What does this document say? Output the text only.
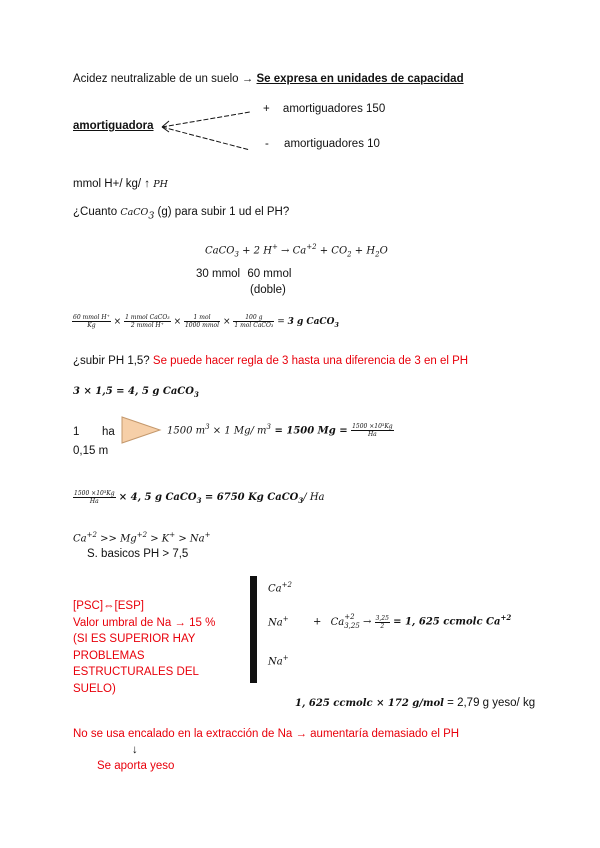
Acidez neutralizable de un suelo → Se expresa en unidades de capacidad
amortiguadora
+ amortiguadores 150
- amortiguadores 10
mmol H+/ kg/ ↑ PH
¿Cuanto CaCO$_3$ (g) para subir 1 ud el PH?
CaCO$_3$ + 2 $H^+ \to Ca^{+2} + CO_2 + H_2O$
30 mmol 60 mmol
(doble)
$\frac{\text{60 mmol H⁺}}{Kg} \times \frac{\text{1 mmol CaCO₃}}{\text{2 mmol H⁺}} \times \frac{\text{1 mol}}{\text{1000 mmol}} \times \frac{100 g}{\text{1 mol CaCO₃}} = 3$ g CaCO$_3$
¿subir PH 1,5? Se puede hacer regla de 3 hasta una diferencia de 3 en el PH
3 × 1,5 = 4, 5 g CaCO$_3$
1 ha	1500 $m^3 \times 1$ Mg/ $m^3 = 1500$ $Mg = \frac{\text{1500 ×10³Kg}}{Ha}$
0,15 m
$\frac{\text{1500 ×10³Kg}}{Ha} \times 4$, 5 g CaCO$_3$ = 6750 Kg CaCO$_3$/ Ha
$Ca^{+2} >> Mg^{+2} > K^+ > Na^+$
S. basicos PH > 7,5
[PSC]⇔[ESP]
Valor umbral de Na → 15 %
(SI ES SUPERIOR HAY
PROBLEMAS
ESTRUCTURALES DEL
SUELO)
$Ca^{+2}$
Na+
Na+
+ Ca +2
$3,25 \to \frac{3,25}{2} = 1$, 625 ccmolc $Ca^{+2}$
1, 625 ccmolc × 172 g/mol = 2,79 g yeso/ kg
No se usa encalado en la extracción de Na → aumentaría demasiado el PH
↓
Se aporta yeso
